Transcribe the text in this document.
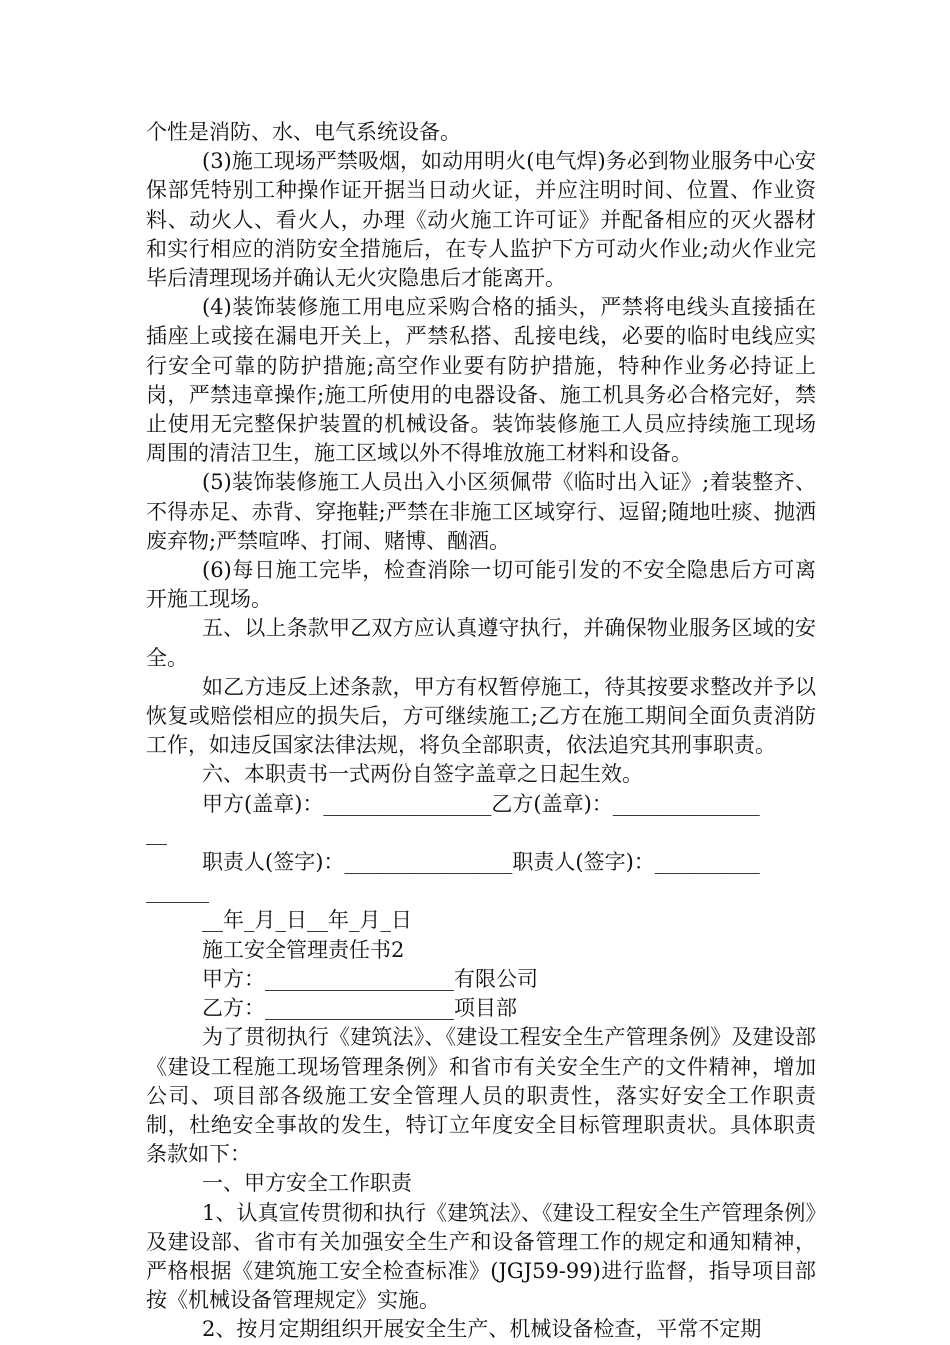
个性是消防、水、电气系统设备。

(3)施工现场严禁吸烟，如动用明火(电气焊)务必到物业服务中心安保部凭特别工种操作证开据当日动火证，并应注明时间、位置、作业资料、动火人、看火人，办理《动火施工许可证》并配备相应的灭火器材和实行相应的消防安全措施后，在专人监护下方可动火作业;动火作业完毕后清理现场并确认无火灾隐患后才能离开。

(4)装饰装修施工用电应采购合格的插头，严禁将电线头直接插在插座上或接在漏电开关上，严禁私搭、乱接电线，必要的临时电线应实行安全可靠的防护措施;高空作业要有防护措施，特种作业务必持证上岗，严禁违章操作;施工所使用的电器设备、施工机具务必合格完好，禁止使用无完整保护装置的机械设备。装饰装修施工人员应持续施工现场周围的清洁卫生，施工区域以外不得堆放施工材料和设备。

(5)装饰装修施工人员出入小区须佩带《临时出入证》;着装整齐、不得赤足、赤背、穿拖鞋;严禁在非施工区域穿行、逗留;随地吐痰、抛洒废弃物;严禁喧哗、打闹、赌博、酗酒。

(6)每日施工完毕，检查消除一切可能引发的不安全隐患后方可离开施工现场。

五、以上条款甲乙双方应认真遵守执行，并确保物业服务区域的安全。

如乙方违反上述条款，甲方有权暂停施工，待其按要求整改并予以恢复或赔偿相应的损失后，方可继续施工;乙方在施工期间全面负责消防工作，如违反国家法律法规，将负全部职责，依法追究其刑事职责。

六、本职责书一式两份自签字盖章之日起生效。

甲方(盖章)：________________乙方(盖章)：______________

__

职责人(签字)：________________职责人(签字)：__________

______

__年_月_日__年_月_日

施工安全管理责任书2

甲方：__________________有限公司

乙方：__________________项目部

为了贯彻执行《建筑法》、《建设工程安全生产管理条例》及建设部《建设工程施工现场管理条例》和省市有关安全生产的文件精神，增加公司、项目部各级施工安全管理人员的职责性，落实好安全工作职责制，杜绝安全事故的发生，特订立年度安全目标管理职责状。具体职责条款如下：

一、甲方安全工作职责

1、认真宣传贯彻和执行《建筑法》、《建设工程安全生产管理条例》及建设部、省市有关加强安全生产和设备管理工作的规定和通知精神，严格根据《建筑施工安全检查标准》(JGJ59-99)进行监督，指导项目部按《机械设备管理规定》实施。

2、按月定期组织开展安全生产、机械设备检查，平常不定期
